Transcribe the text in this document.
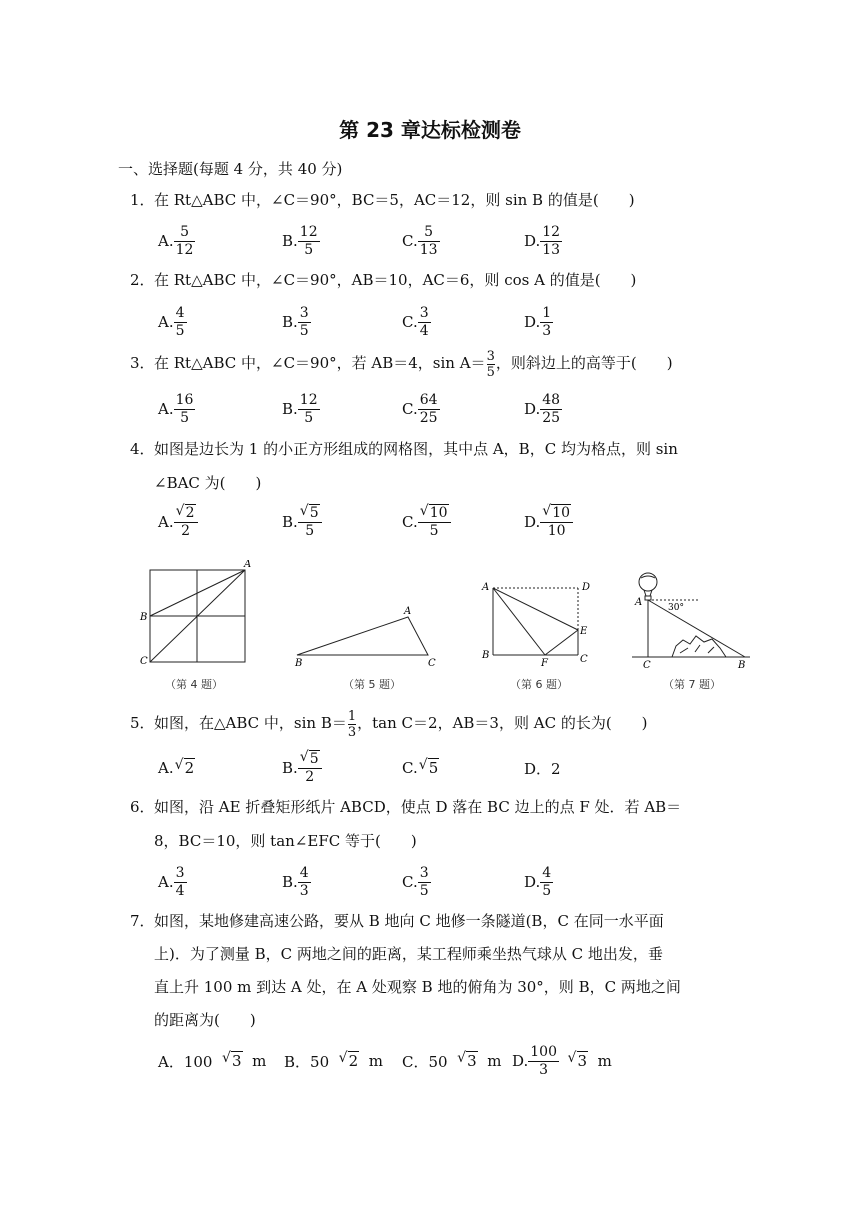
第 23 章达标检测卷
一、选择题(每题 4 分，共 40 分)
1．在 Rt△ABC 中，∠C＝90°，BC＝5，AC＝12，则 sin B 的值是(　　)
A. $\frac{5}{12}$	B. $\frac{12}{5}$	C. $\frac{5}{13}$	D. $\frac{12}{13}$
2．在 Rt△ABC 中，∠C＝90°，AB＝10，AC＝6，则 cos A 的值是(　　)
A. $\frac{4}{5}$	B. $\frac{3}{5}$	C. $\frac{3}{4}$	D. $\frac{1}{3}$
3．在 Rt△ABC 中，∠C＝90°，若 AB＝4，$\sin A= \frac{3}{5}$ ，则斜边上的高等于(　　)
A. $\frac{16}{5}$	B. $\frac{12}{5}$	C. $\frac{64}{25}$	D. $\frac{48}{25}$
4．如图是边长为 1 的小正方形组成的网格图，其中点 A，B，C 均为格点，则 sin
∠BAC 为(　　)
A. $\frac{√ 2}{2}$	B. $\frac{√ 5}{5}$	C. $\frac{√ 10}{5}$	D. $\frac{√ 10}{10}$
A
B
C
A
B	C
A	D
E
B
F	C
A	30°
C	B
（第 4 题）	（第 5 题）	（第 6 题）	（第 7 题）
5．如图，在△ABC 中，$\sin B= \frac{1}{3}$ ，tan C＝2，AB＝3，则 AC 的长为(　　)
A. √ 2	B. $\frac{√ 5}{2}$	C. √ 5	D．2
6．如图，沿 AE 折叠矩形纸片 ABCD，使点 D 落在 BC 边上的点 F 处．若 AB＝
8，BC＝10，则 tan∠EFC 等于(　　)
A. $\frac{3}{4}$	B. $\frac{4}{3}$	C. $\frac{3}{5}$	D. $\frac{4}{5}$
7．如图，某地修建高速公路，要从 B 地向 C 地修一条隧道(B，C 在同一水平面
上)．为了测量 B，C 两地之间的距离，某工程师乘坐热气球从 C 地出发，垂
直上升 100 m 到达 A 处，在 A 处观察 B 地的俯角为 30°，则 B，C 两地之间
的距离为(　　)
A．100
√ 3
m B．50
√ 2
m C．50
√ 3
m D. $\frac{100}{3}$
√ 3
m
